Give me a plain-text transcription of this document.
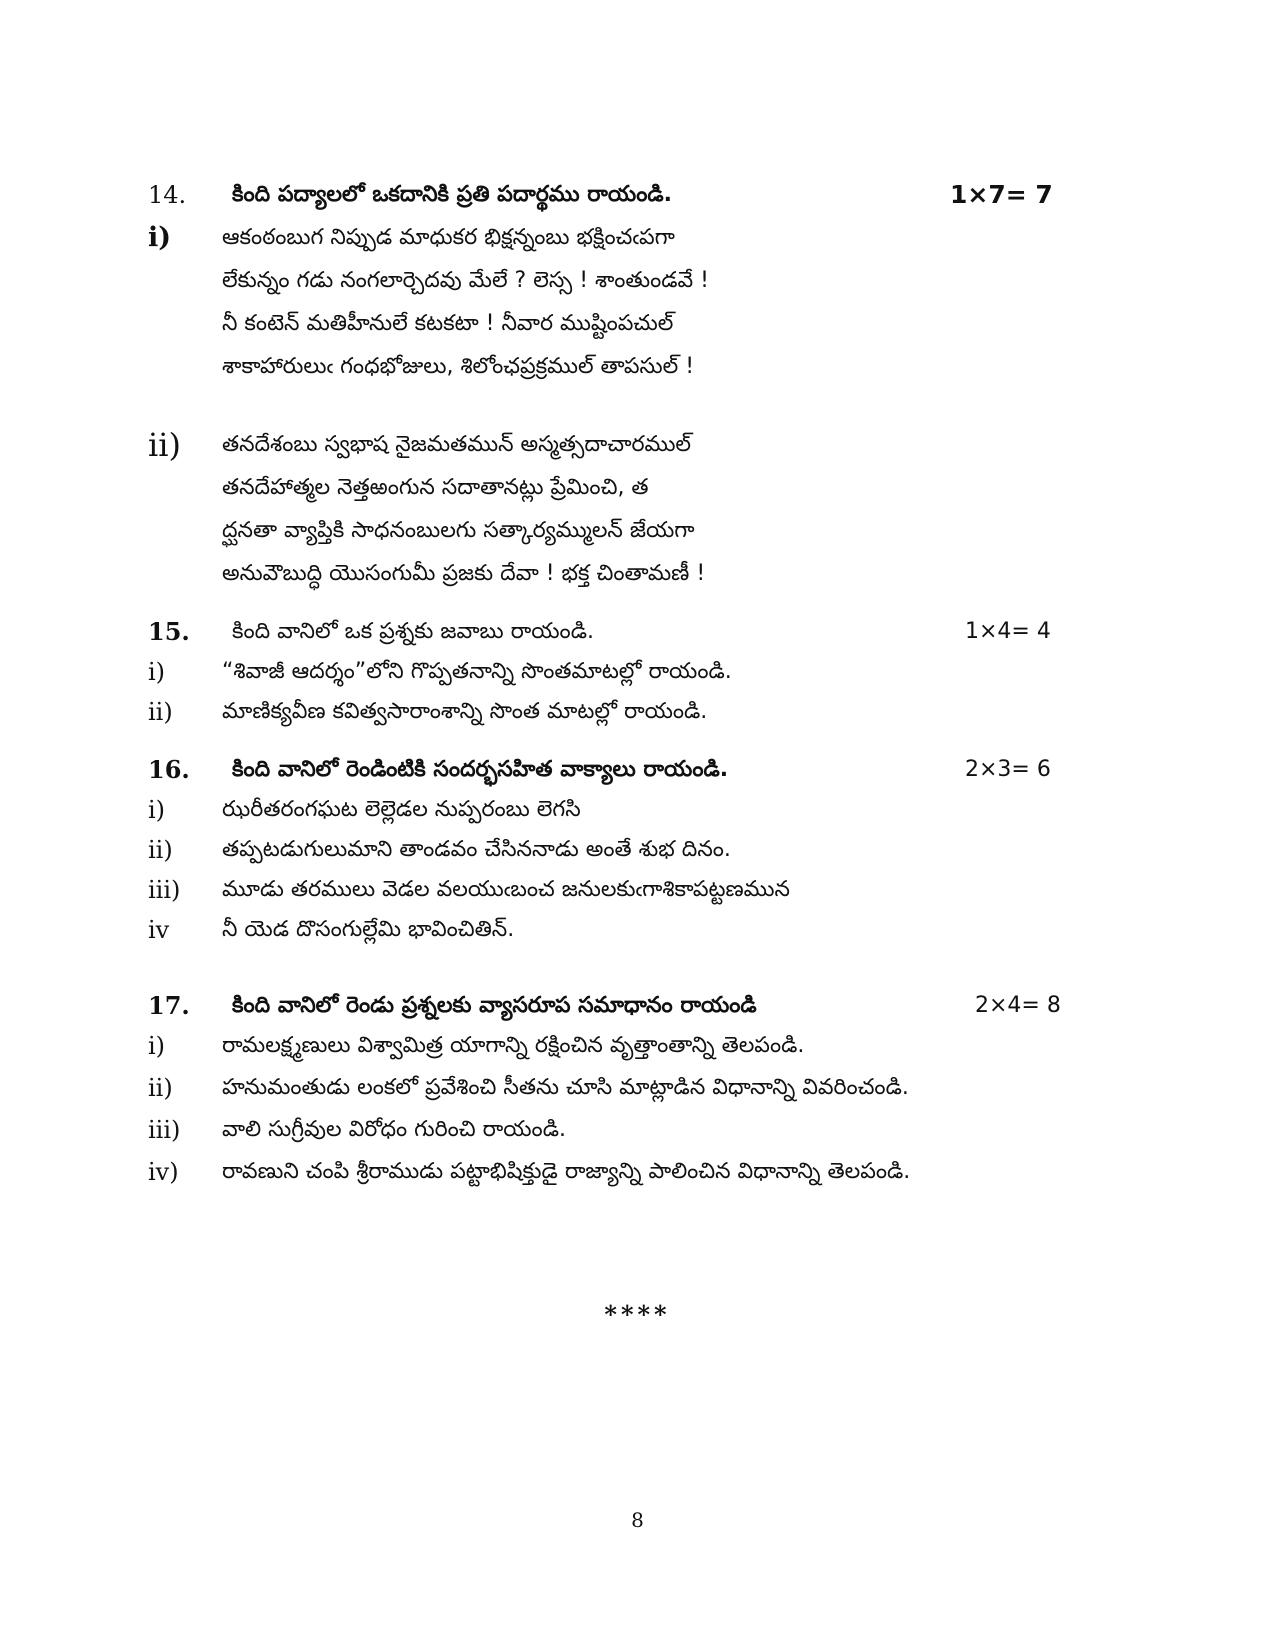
14. కింది పద్యాలలో ఒకదానికి ప్రతి పదార్థము రాయండి.	1×7= 7
i) ఆకంఠంబుగ నిప్పుడ మాధుకర భిక్షన్నంబు భక్షించఁపగా
లేకున్నం గడు నంగలార్చెదవు మేలే ? లెస్స ! శాంతుండవే !
నీ కంటెన్ మతిహీనులే కటకటా ! నీవార ముష్టింపచుల్
శాకాహారులుఁ గంధభోజులు, శిలోంఛప్రక్రముల్ తాపసుల్ !
ii) తనదేశంబు స్వభాష నైజమతమున్ అస్మత్సదాచారముల్
తనదేహాత్మల నెత్తఱంగున సదాతానట్లు ప్రేమించి, త
ద్ఘనతా వ్యాప్తికి సాధనంబులగు సత్కార్యమ్ములన్ జేయగా
అనువౌబుద్ధి యొసంగుమీ ప్రజకు దేవా ! భక్త చింతామణీ !
15. కింది వానిలో ఒక ప్రశ్నకు జవాబు రాయండి.	1×4= 4
i)	“శివాజీ ఆదర్శం”లోని గొప్పతనాన్ని సొంతమాటల్లో రాయండి.
ii) మాణిక్యవీణ కవిత్వసారాంశాన్ని సొంత మాటల్లో రాయండి.
16. కింది వానిలో రెండింటికి సందర్భసహిత వాక్యాలు రాయండి.	2×3= 6
i)	ఝరీతరంగఘట లెల్లెడల నుప్పరంబు లెగసి
ii) తప్పటడుగులుమాని తాండవం చేసిననాడు అంతే శుభ దినం.
iii) మూడు తరములు వెడల వలయుఁబంచ జనులకుఁగాశికాపట్టణమున
iv నీ యెడ దొసంగుల్లేమి భావించితిన్.
17. కింది వానిలో రెండు ప్రశ్నలకు వ్యాసరూప సమాధానం రాయండి	2×4= 8
i)	రామలక్ష్మణులు విశ్వామిత్ర యాగాన్ని రక్షించిన వృత్తాంతాన్ని తెలపండి.
ii) హనుమంతుడు లంకలో ప్రవేశించి సీతను చూసి మాట్లాడిన విధానాన్ని వివరించండి.
iii) వాలి సుగ్రీవుల విరోధం గురించి రాయండి.
iv) రావణుని చంపి శ్రీరాముడు పట్టాభిషిక్తుడై రాజ్యాన్ని పాలించిన విధానాన్ని తెలపండి.
****
8
